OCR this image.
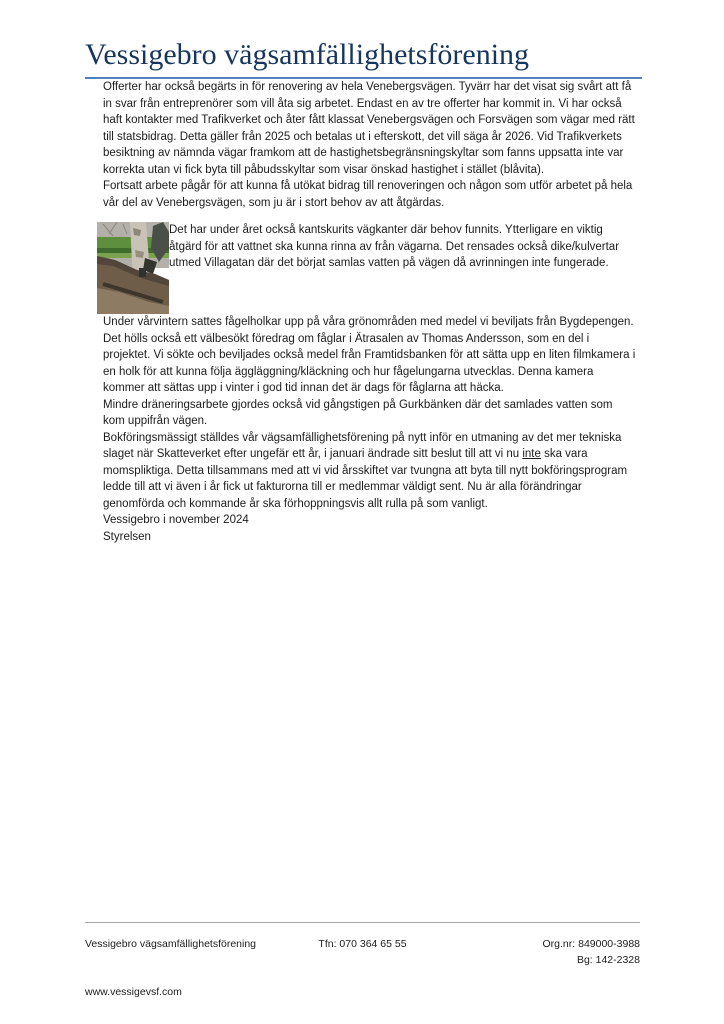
Vessigebro vägsamfällighetsförening

Offerter har också begärts in för renovering av hela Venebergsvägen. Tyvärr har det visat sig svårt att få in svar från entreprenörer som vill åta sig arbetet. Endast en av tre offerter har kommit in. Vi har också haft kontakter med Trafikverket och åter fått klassat Venebergsvägen och Forsvägen som vägar med rätt till statsbidrag. Detta gäller från 2025 och betalas ut i efterskott, det vill säga år 2026. Vid Trafikverkets besiktning av nämnda vägar framkom att de hastighetsbegränsningskyltar som fanns uppsatta inte var korrekta utan vi fick byta till påbudsskyltar som visar önskad hastighet i stället (blåvita).
Fortsatt arbete pågår för att kunna få utökat bidrag till renoveringen och någon som utför arbetet på hela vår del av Venebergsvägen, som ju är i stort behov av att åtgärdas.

Det har under året också kantskurits vägkanter där behov funnits. Ytterligare en viktig åtgärd för att vattnet ska kunna rinna av från vägarna. Det rensades också dike/kulvertar utmed Villagatan där det börjat samlas vatten på vägen då avrinningen inte fungerade.

Under vårvintern sattes fågelholkar upp på våra grönområden med medel vi beviljats från Bygdepengen. Det hölls också ett välbesökt föredrag om fåglar i Ätrasalen av Thomas Andersson, som en del i projektet. Vi sökte och beviljades också medel från Framtidsbanken för att sätta upp en liten filmkamera i en holk för att kunna följa äggläggning/kläckning och hur fågelungarna utvecklas. Denna kamera kommer att sättas upp i vinter i god tid innan det är dags för fåglarna att häcka.

Mindre dräneringsarbete gjordes också vid gångstigen på Gurkbänken där det samlades vatten som kom uppifrån vägen.

Bokföringsmässigt ställdes vår vägsamfällighetsförening på nytt inför en utmaning av det mer tekniska slaget när Skatteverket efter ungefär ett år, i januari ändrade sitt beslut till att vi nu inte ska vara momspliktiga. Detta tillsammans med att vi vid årsskiftet var tvungna att byta till nytt bokföringsprogram ledde till att vi även i år fick ut fakturorna till er medlemmar väldigt sent. Nu är alla förändringar genomförda och kommande år ska förhoppningsvis allt rulla på som vanligt.

Vessigebro i november 2024

Styrelsen

Vessigebro vägsamfällighetsförening	Tfn: 070 364 65 55	Org.nr: 849000-3988
Bg: 142-2328
www.vessigevsf.com
